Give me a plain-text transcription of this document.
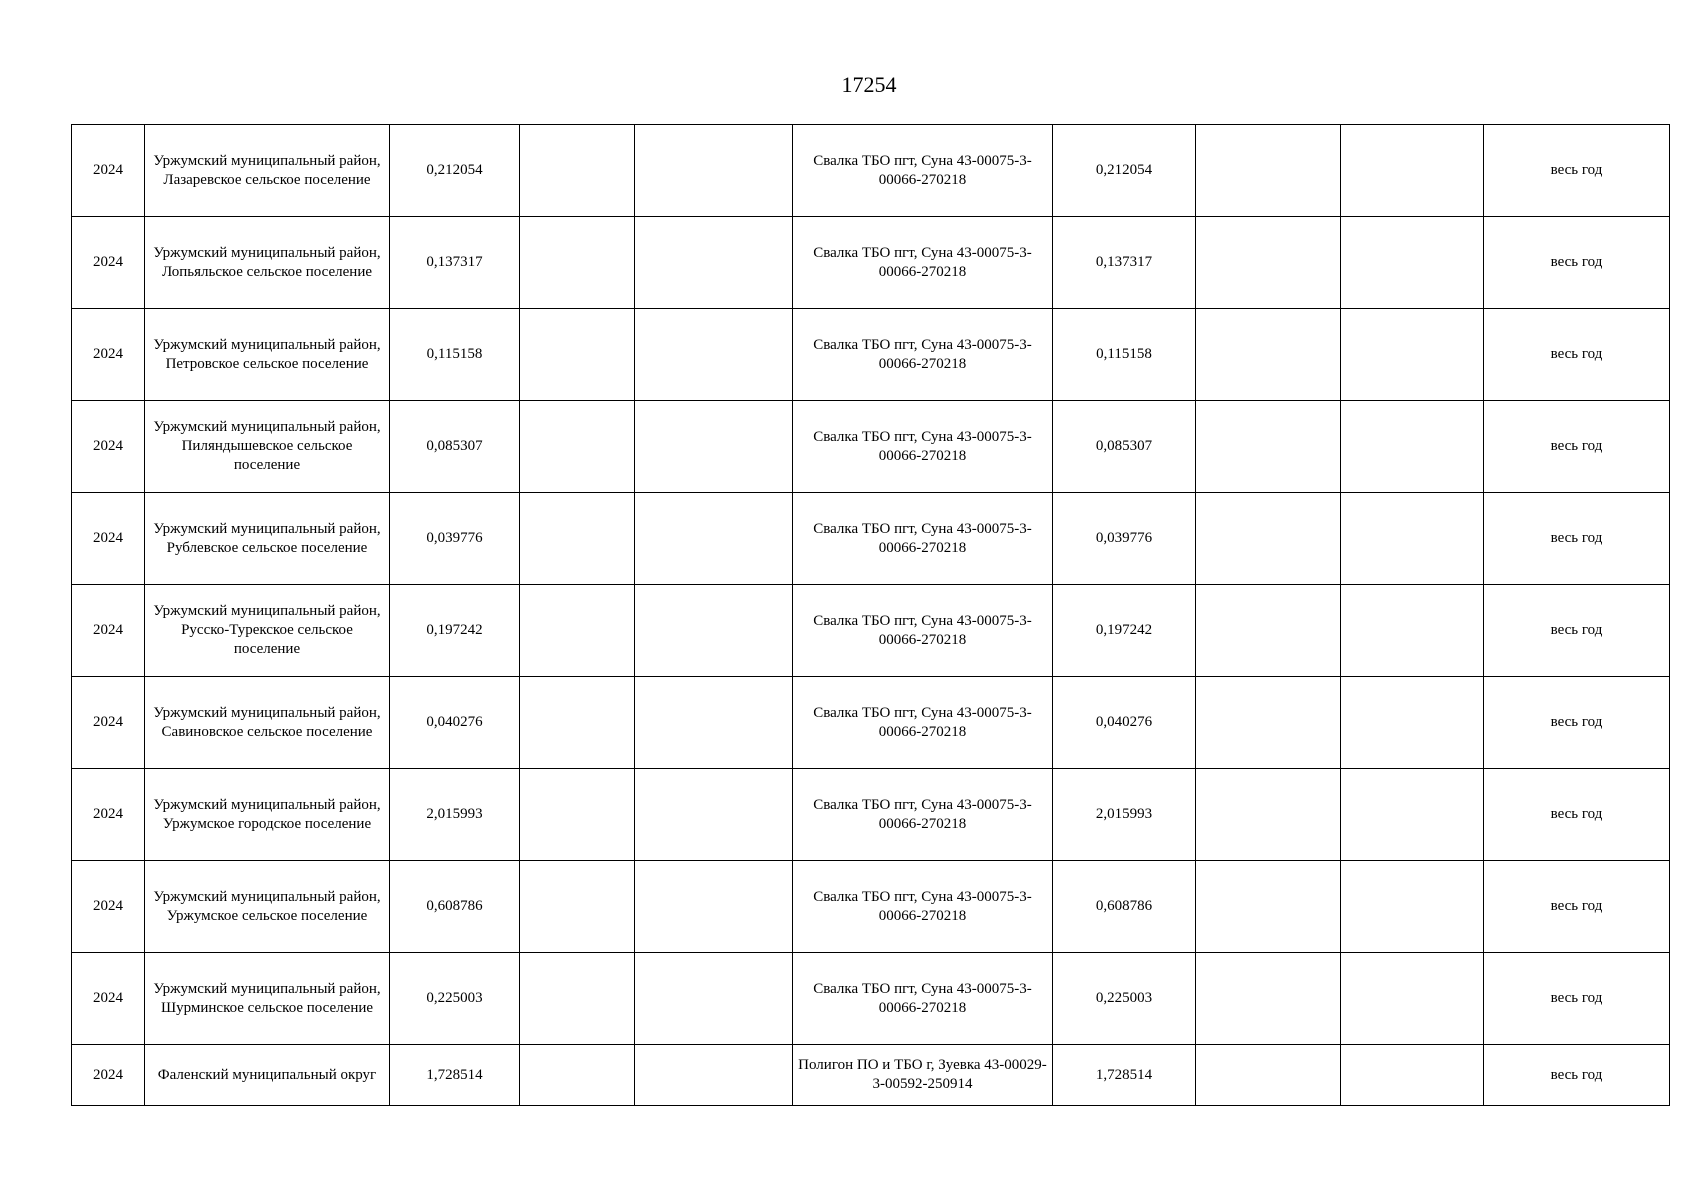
17254
2024	Уржумский муниципальный район, Лазаревское сельское поселение	0,212054			Свалка ТБО пгт, Суна 43-00075-3-00066-270218	0,212054			весь год
2024	Уржумский муниципальный район, Лопьяльское сельское поселение	0,137317			Свалка ТБО пгт, Суна 43-00075-3-00066-270218	0,137317			весь год
2024	Уржумский муниципальный район, Петровское сельское поселение	0,115158			Свалка ТБО пгт, Суна 43-00075-3-00066-270218	0,115158			весь год
2024	Уржумский муниципальный район, Пиляндышевское сельское поселение	0,085307			Свалка ТБО пгт, Суна 43-00075-3-00066-270218	0,085307			весь год
2024	Уржумский муниципальный район, Рублевское сельское поселение	0,039776			Свалка ТБО пгт, Суна 43-00075-3-00066-270218	0,039776			весь год
2024	Уржумский муниципальный район, Русско-Турекское сельское поселение	0,197242			Свалка ТБО пгт, Суна 43-00075-3-00066-270218	0,197242			весь год
2024	Уржумский муниципальный район, Савиновское сельское поселение	0,040276			Свалка ТБО пгт, Суна 43-00075-3-00066-270218	0,040276			весь год
2024	Уржумский муниципальный район, Уржумское городское поселение	2,015993			Свалка ТБО пгт, Суна 43-00075-3-00066-270218	2,015993			весь год
2024	Уржумский муниципальный район, Уржумское сельское поселение	0,608786			Свалка ТБО пгт, Суна 43-00075-3-00066-270218	0,608786			весь год
2024	Уржумский муниципальный район, Шурминское сельское поселение	0,225003			Свалка ТБО пгт, Суна 43-00075-3-00066-270218	0,225003			весь год
2024	Фаленский муниципальный округ	1,728514			Полигон ПО и ТБО г, Зуевка 43-00029-3-00592-250914	1,728514			весь год
